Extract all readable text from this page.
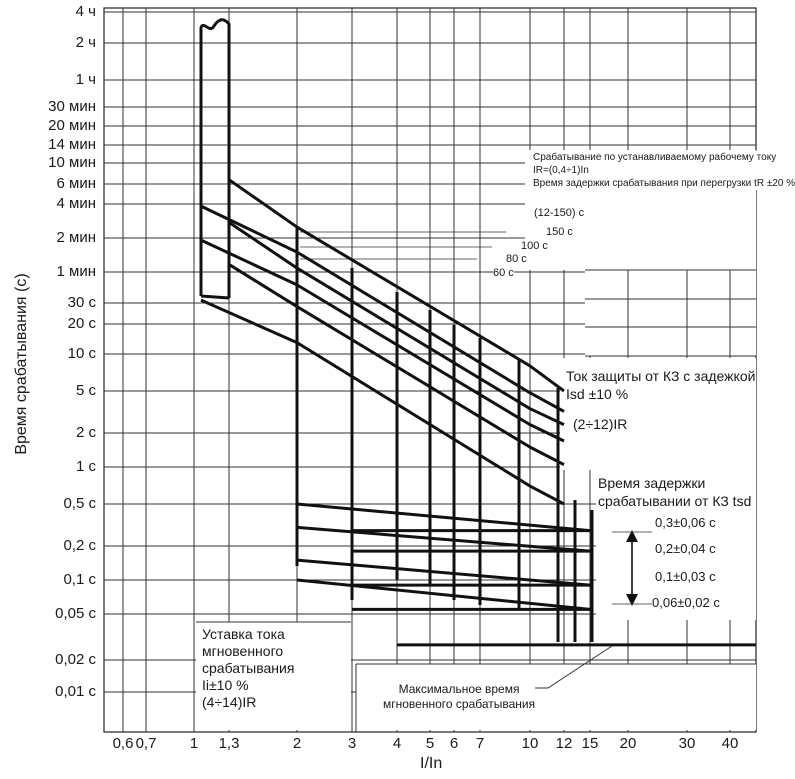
Время срабатывания (с)
I/In
4 ч
2 ч
1 ч
30 мин
20 мин
14 мин
10 мин
6 мин
4 мин
2 мин
1 мин
30 с
20 с
10 с
5 с
2 с
1 с
0,5 с
0,2 с
0,1 с
0,05 с
0,02 с
0,01 с
0,6 0,7 1 1,3	2	3 4 5 6 7 10 12 15 20	30 40
Срабатывание по устанавливаемому рабочему току
IR=(0,4÷1)In
Время задержки срабатывания при перегрузки tR ±20 %
(12-150) с
150 с
100 с
80 с
60 с
Ток защиты от КЗ с задежкой
Isd ±10 %
(2÷12)IR
Время задержки
срабатывании от КЗ tsd
0,3±0,06 с
0,2±0,04 с
0,1±0,03 с
0,06±0,02 с
Уставка тока
мгновенного
срабатывания
Ii±10 %
(4÷14)IR
Максимальное время
мгновенного срабатывания
